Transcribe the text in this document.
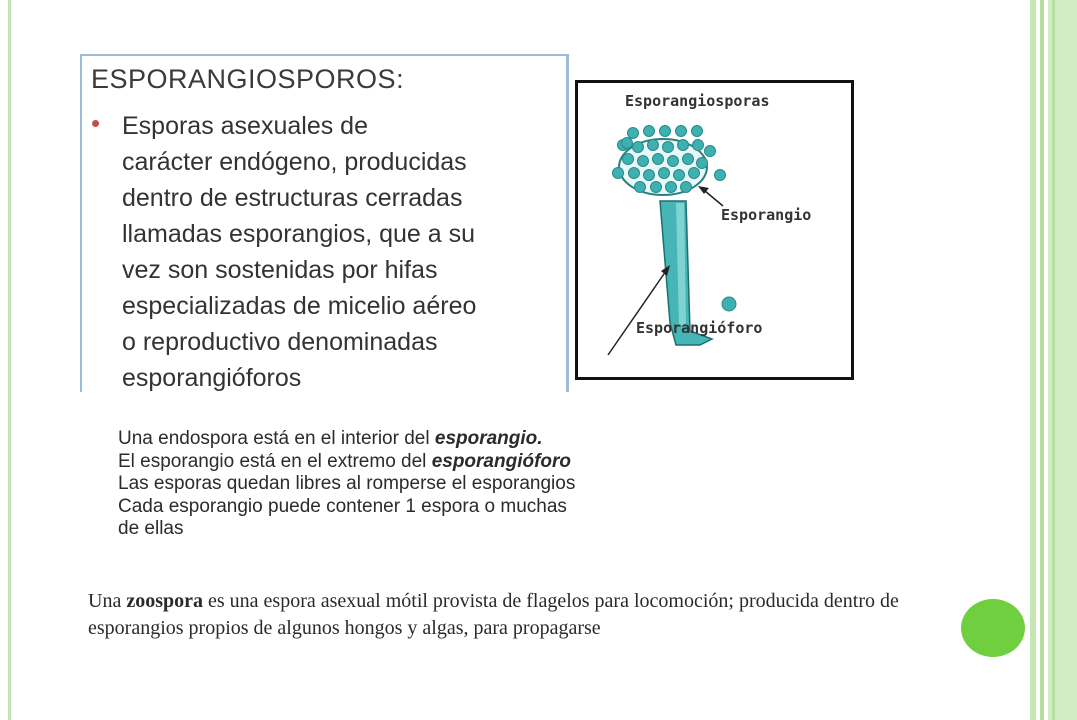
ESPORANGIOSPOROS:
• Esporas asexuales de
carácter endógeno, producidas
dentro de estructuras cerradas
llamadas esporangios, que a su
vez son sostenidas por hifas
especializadas de micelio aéreo
o reproductivo denominadas
esporangióforos
Esporangiosporas
Esporangio
Esporangióforo
Una endospora está en el interior del esporangio.
El esporangio está en el extremo del esporangióforo
Las esporas quedan libres al romperse el esporangios
Cada esporangio puede contener 1 espora o muchas
de ellas
Una zoospora es una espora asexual mótil provista de flagelos para locomoción; producida dentro de esporangios propios de algunos hongos y algas, para propagarse
